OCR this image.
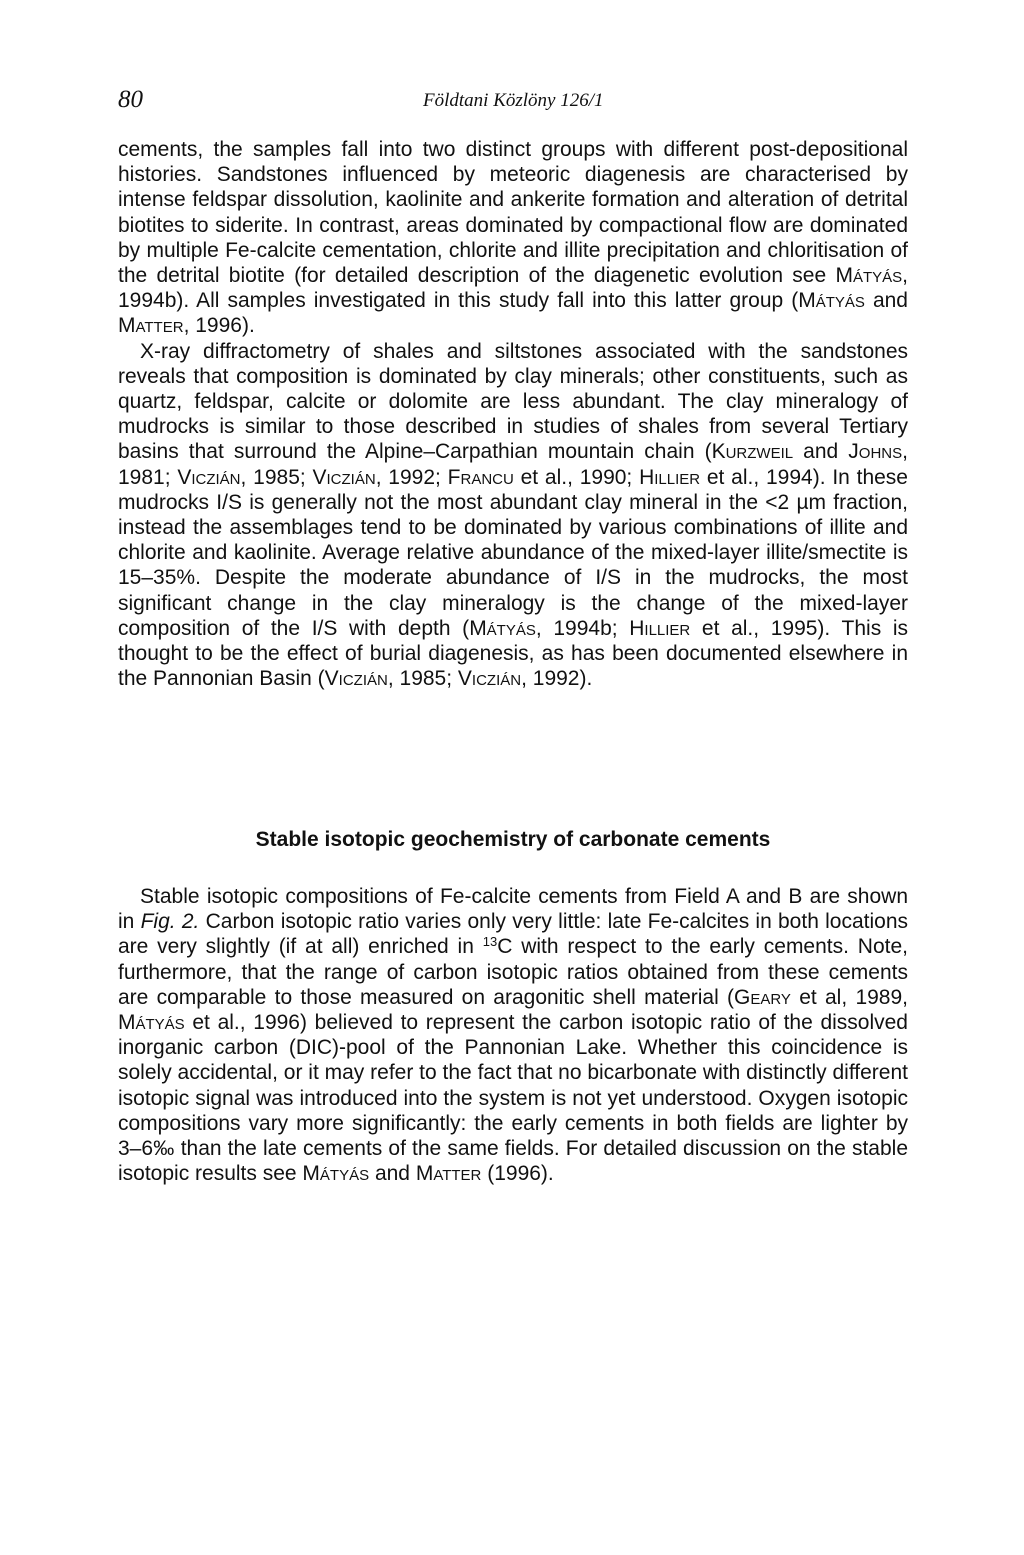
80	Földtani Közlöny 126/1

cements, the samples fall into two distinct groups with different post-depositional histories. Sandstones influenced by meteoric diagenesis are characterised by intense feldspar dissolution, kaolinite and ankerite formation and alteration of detrital biotites to siderite. In contrast, areas dominated by compactional flow are dominated by multiple Fe-calcite cementation, chlorite and illite precipitation and chloritisation of the detrital biotite (for detailed description of the diagenetic evolution see Mátyás, 1994b). All samples investigated in this study fall into this latter group (Mátyás and Matter, 1996).

X-ray diffractometry of shales and siltstones associated with the sandstones reveals that composition is dominated by clay minerals; other constituents, such as quartz, feldspar, calcite or dolomite are less abundant. The clay mineralogy of mudrocks is similar to those described in studies of shales from several Tertiary basins that surround the Alpine–Carpathian mountain chain (Kurzweil and Johns, 1981; Viczián, 1985; Viczián, 1992; Francu et al., 1990; Hillier et al., 1994). In these mudrocks I/S is generally not the most abundant clay mineral in the <2 µm fraction, instead the assemblages tend to be dominated by various combinations of illite and chlorite and kaolinite. Average relative abundance of the mixed-layer illite/smectite is 15–35%. Despite the moderate abundance of I/S in the mudrocks, the most significant change in the clay mineralogy is the change of the mixed-layer composition of the I/S with depth (Mátyás, 1994b; Hillier et al., 1995). This is thought to be the effect of burial diagenesis, as has been documented elsewhere in the Pannonian Basin (Viczián, 1985; Viczián, 1992).

Stable isotopic geochemistry of carbonate cements

Stable isotopic compositions of Fe-calcite cements from Field A and B are shown in Fig. 2. Carbon isotopic ratio varies only very little: late Fe-calcites in both locations are very slightly (if at all) enriched in $^{13}$C with respect to the early cements. Note, furthermore, that the range of carbon isotopic ratios obtained from these cements are comparable to those measured on aragonitic shell material (Geary et al, 1989, Mátyás et al., 1996) believed to represent the carbon isotopic ratio of the dissolved inorganic carbon (DIC)-pool of the Pannonian Lake. Whether this coincidence is solely accidental, or it may refer to the fact that no bicarbonate with distinctly different isotopic signal was introduced into the system is not yet understood. Oxygen isotopic compositions vary more significantly: the early cements in both fields are lighter by 3–6‰ than the late cements of the same fields. For detailed discussion on the stable isotopic results see Mátyás and Matter (1996).
